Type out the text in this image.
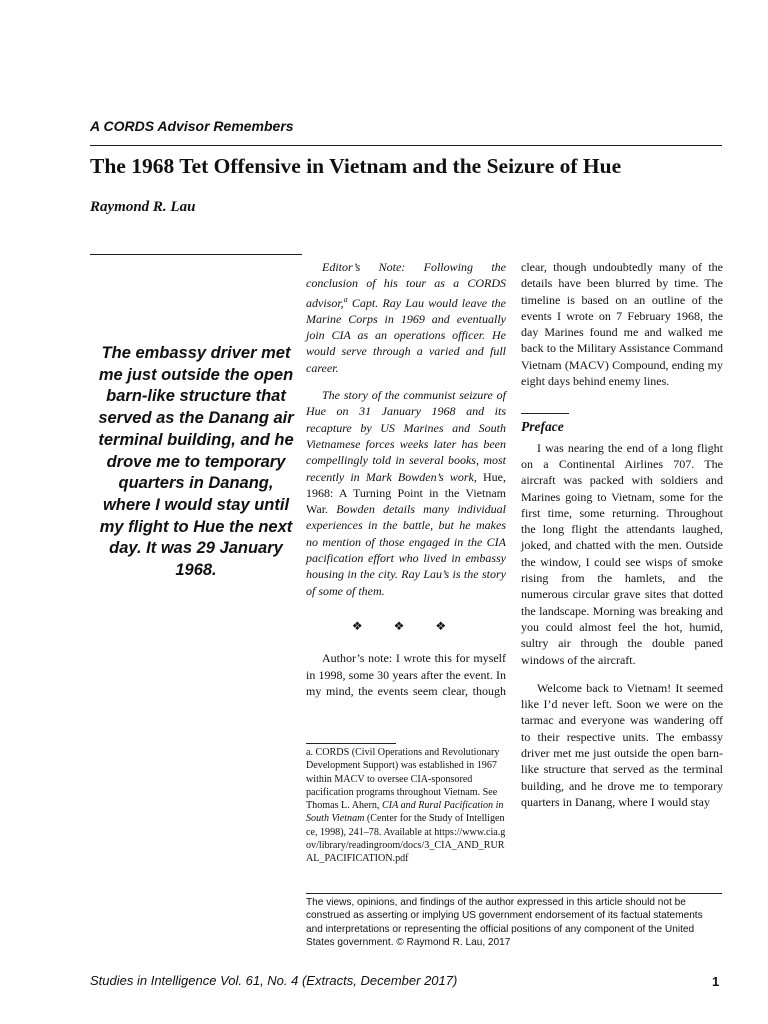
A CORDS Advisor Remembers
The 1968 Tet Offensive in Vietnam and the Seizure of Hue
Raymond R. Lau
The embassy driver met me just outside the open barn-like structure that served as the Danang air terminal building, and he drove me to temporary quarters in Danang, where I would stay until my flight to Hue the next day. It was 29 January 1968.

Editor’s Note: Following the conclusion of his tour as a CORDS advisor,$^a$ Capt. Ray Lau would leave the Marine Corps in 1969 and eventually join CIA as an operations officer. He would serve through a varied and full career.

The story of the communist seizure of Hue on 31 January 1968 and its recapture by US Marines and South Vietnamese forces weeks later has been compellingly told in several books, most recently in Mark Bowden’s work, Hue, 1968: A Turning Point in the Vietnam War. Bowden details many individual experiences in the battle, but he makes no mention of those engaged in the CIA pacification effort who lived in embassy housing in the city. Ray Lau’s is the story of some of them.

❖ ❖ ❖

Author’s note: I wrote this for myself in 1998, some 30 years after the event. In my mind, the events seem clear, though

a. CORDS (Civil Operations and Revolutionary Development Support) was established in 1967 within MACV to oversee CIA-sponsored pacification programs throughout Vietnam. See Thomas L. Ahern, CIA and Rural Pacification in South Vietnam (Center for the Study of Intelligence, 1998), 241–78. Available at https://www.cia.gov/library/readingroom/docs/3_CIA_AND_RURAL_PACIFICATION.pdf

clear, though undoubtedly many of the details have been blurred by time. The timeline is based on an outline of the events I wrote on 7 February 1968, the day Marines found me and walked me back to the Military Assistance Command Vietnam (MACV) Compound, ending my eight days behind enemy lines.

Preface

I was nearing the end of a long flight on a Continental Airlines 707. The aircraft was packed with soldiers and Marines going to Vietnam, some for the first time, some returning. Throughout the long flight the attendants laughed, joked, and chatted with the men. Outside the window, I could see wisps of smoke rising from the hamlets, and the numerous circular grave sites that dotted the landscape. Morning was breaking and you could almost feel the hot, humid, sultry air through the double paned windows of the aircraft.

Welcome back to Vietnam! It seemed like I’d never left. Soon we were on the tarmac and everyone was wandering off to their respective units. The embassy driver met me just outside the open barn-like structure that served as the terminal building, and he drove me to temporary quarters in Danang, where I would stay

The views, opinions, and findings of the author expressed in this article should not be construed as asserting or implying US government endorsement of its factual statements and interpretations or representing the official positions of any component of the United States government. © Raymond R. Lau, 2017
Studies in Intelligence Vol. 61, No. 4 (Extracts, December 2017)	1
